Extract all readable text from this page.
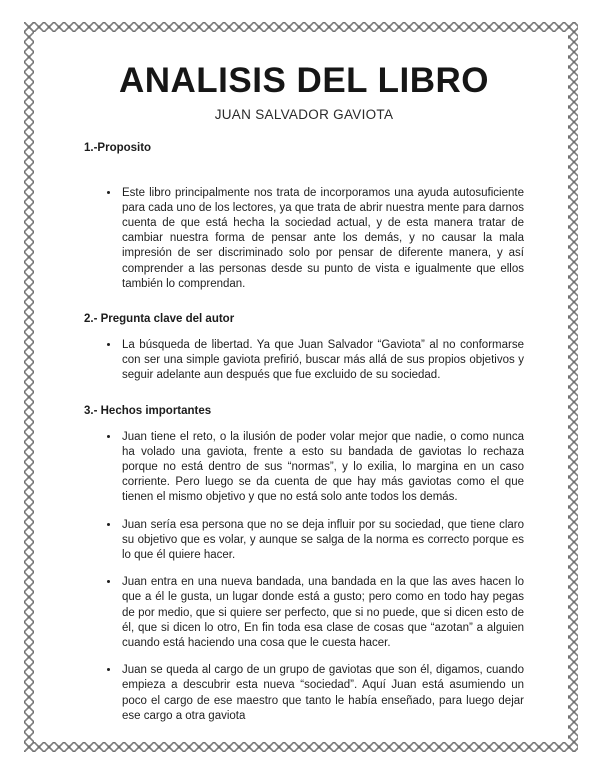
ANALISIS DEL LIBRO
JUAN SALVADOR GAVIOTA
1.-Proposito
• Este libro principalmente nos trata de incorporamos una ayuda autosuficiente para cada uno de los lectores, ya que trata de abrir nuestra mente para darnos cuenta de que está hecha la sociedad actual, y de esta manera tratar de cambiar nuestra forma de pensar ante los demás, y no causar la mala impresión de ser discriminado solo por pensar de diferente manera, y así comprender a las personas desde su punto de vista e igualmente que ellos también lo comprendan.
2.- Pregunta clave del autor
• La búsqueda de libertad. Ya que Juan Salvador “Gaviota” al no conformarse con ser una simple gaviota prefirió, buscar más allá de sus propios objetivos y seguir adelante aun después que fue excluido de su sociedad.
3.- Hechos importantes
• Juan tiene el reto, o la ilusión de poder volar mejor que nadie, o como nunca ha volado una gaviota, frente a esto su bandada de gaviotas lo rechaza porque no está dentro de sus “normas”, y lo exilia, lo margina en un caso corriente. Pero luego se da cuenta de que hay más gaviotas como el que tienen el mismo objetivo y que no está solo ante todos los demás.
• Juan sería esa persona que no se deja influir por su sociedad, que tiene claro su objetivo que es volar, y aunque se salga de la norma es correcto porque es lo que él quiere hacer.
• Juan entra en una nueva bandada, una bandada en la que las aves hacen lo que a él le gusta, un lugar donde está a gusto; pero como en todo hay pegas de por medio, que si quiere ser perfecto, que si no puede, que si dicen esto de él, que si dicen lo otro, En fin toda esa clase de cosas que “azotan” a alguien cuando está haciendo una cosa que le cuesta hacer.
• Juan se queda al cargo de un grupo de gaviotas que son él, digamos, cuando empieza a descubrir esta nueva “sociedad”. Aquí Juan está asumiendo un poco el cargo de ese maestro que tanto le había enseñado, para luego dejar ese cargo a otra gaviota
